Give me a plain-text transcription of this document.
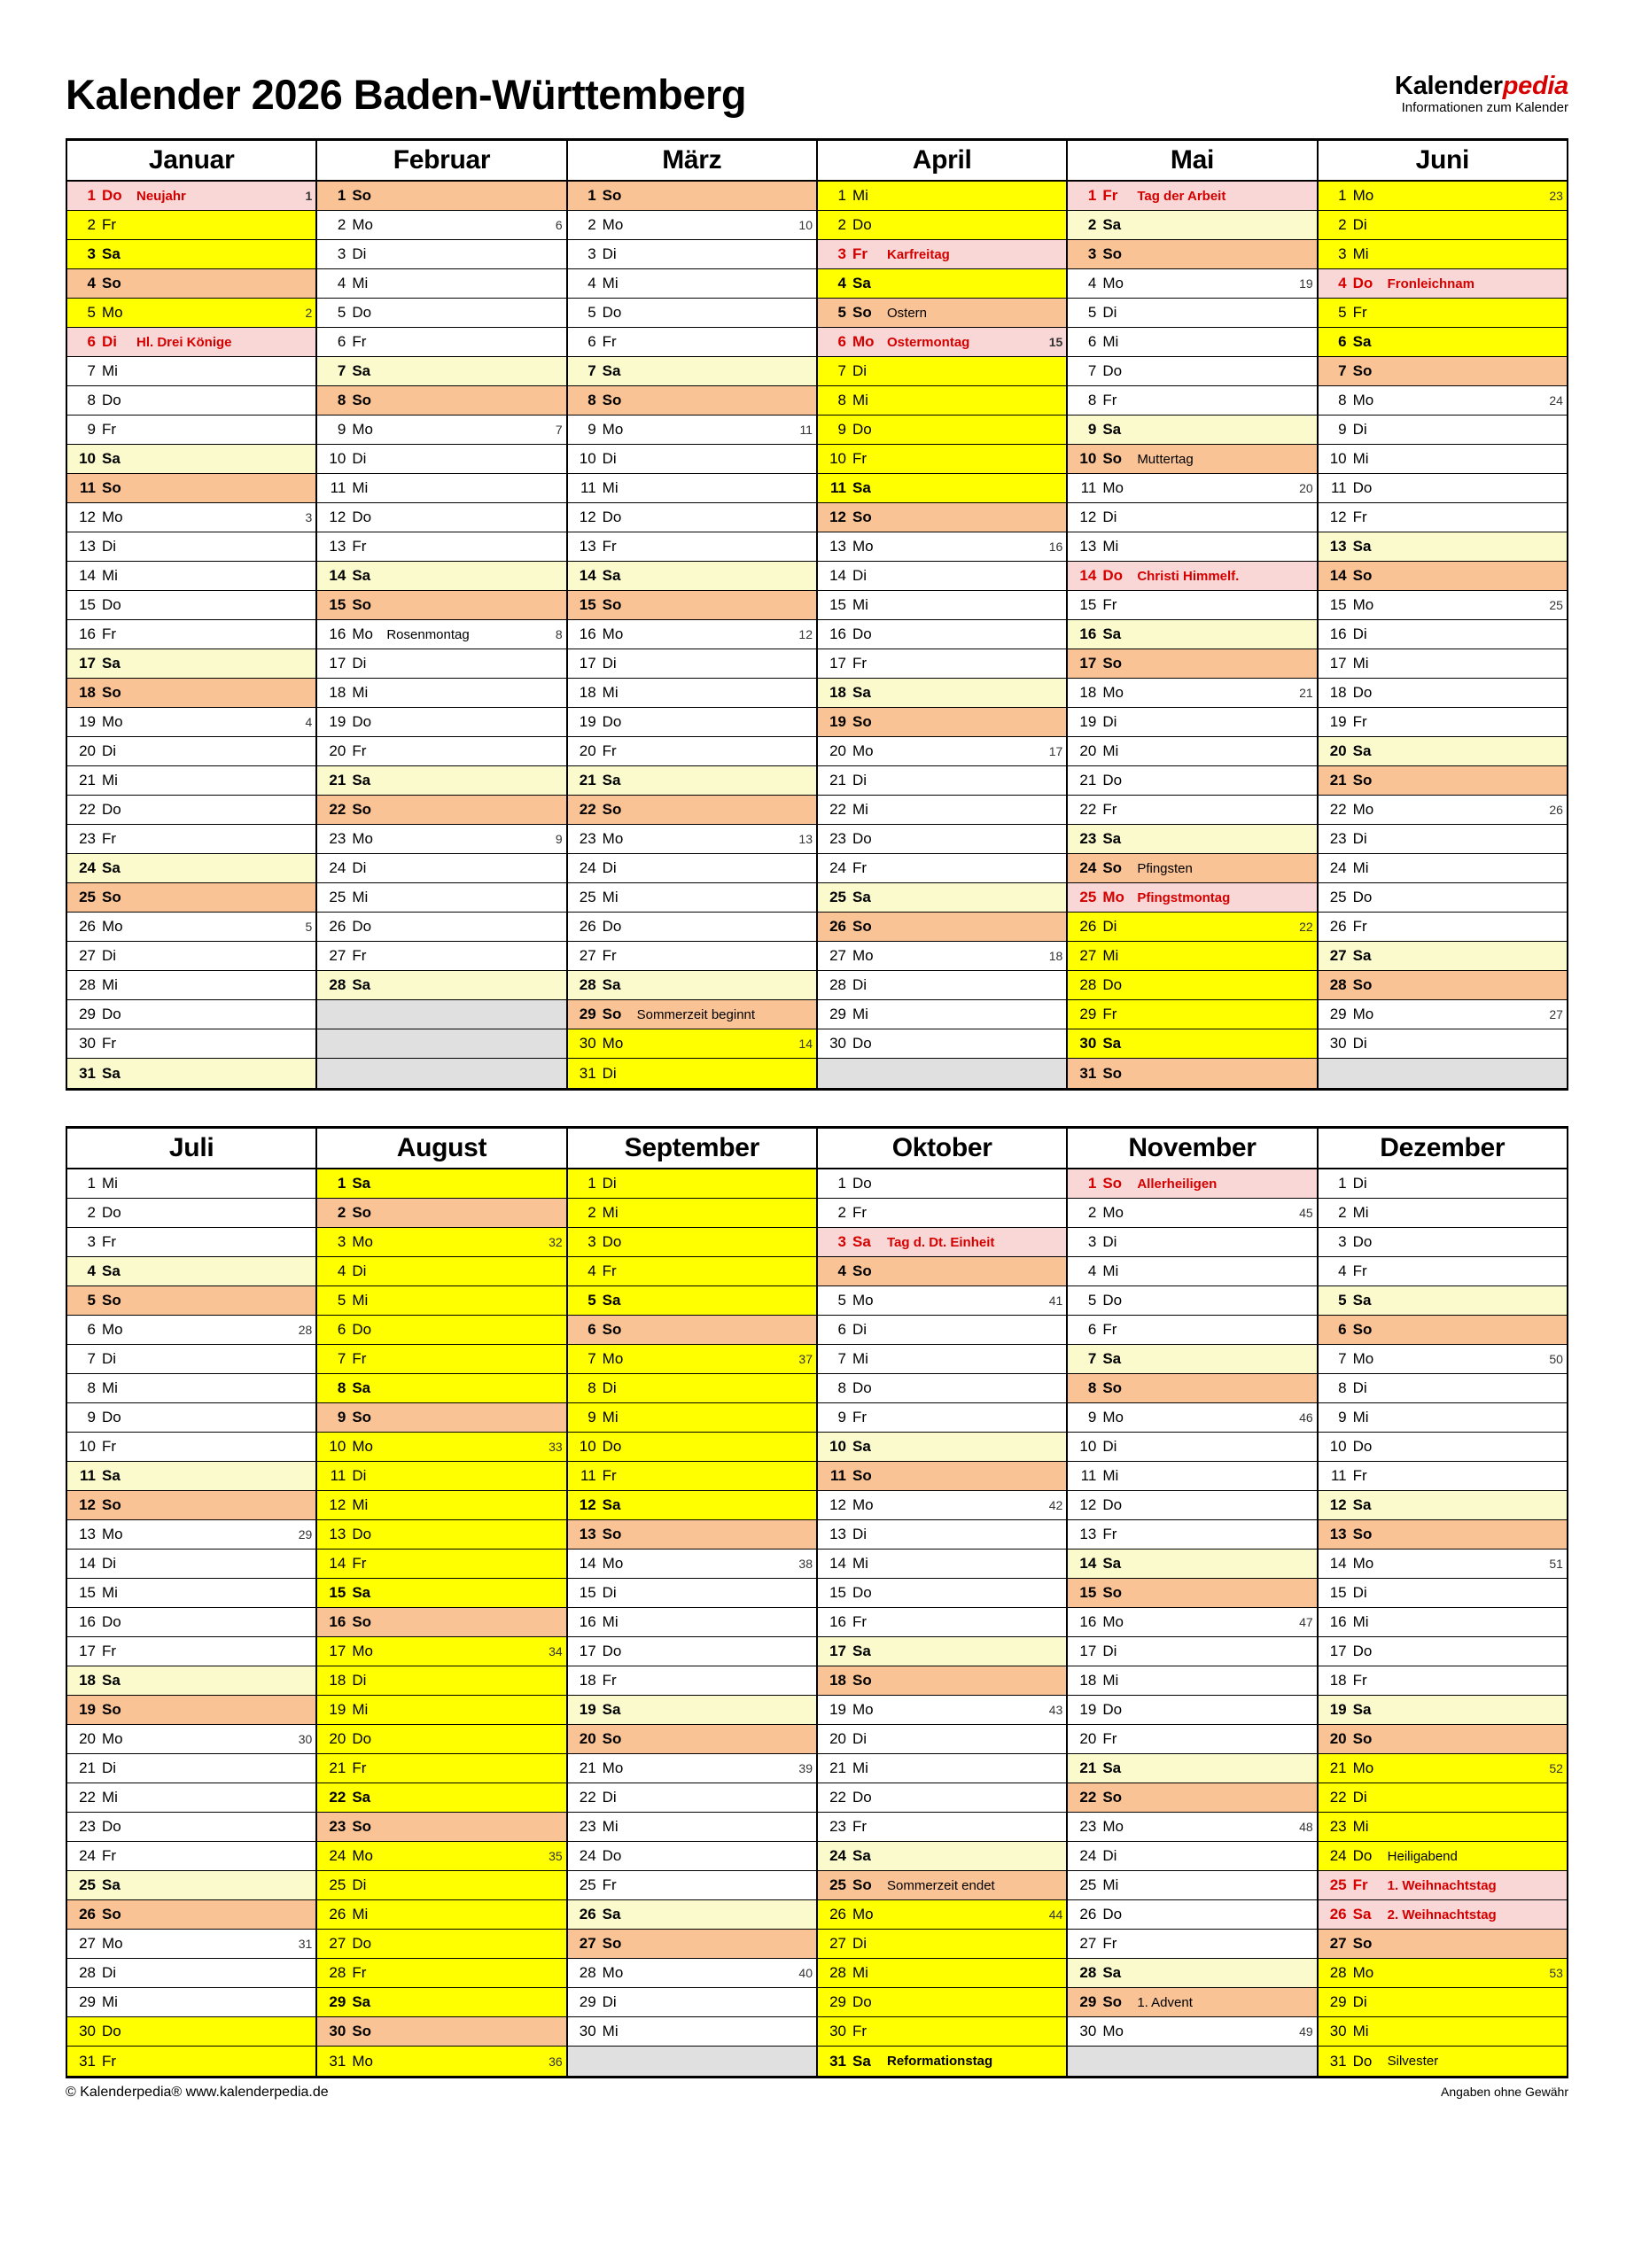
Kalender 2026 Baden-Württemberg	Kalenderpedia
Informationen zum Kalender
Januar
1 Do	Neujahr	1
2 Fr
3 Sa
4 So
5 Mo	2
6 Di	Hl. Drei Könige
7 Mi
8 Do
9 Fr
10 Sa
11 So
12 Mo	3
13 Di
14 Mi
15 Do
16 Fr
17 Sa
18 So
19 Mo	4
20 Di
21 Mi
22 Do
23 Fr
24 Sa
25 So
26 Mo	5
27 Di
28 Mi
29 Do
30 Fr
31 Sa
Februar
1 So
2 Mo	6
3 Di
4 Mi
5 Do
6 Fr
7 Sa
8 So
9 Mo	7
10 Di
11 Mi
12 Do
13 Fr
14 Sa
15 So
16 Mo	Rosenmontag	8
17 Di
18 Mi
19 Do
20 Fr
21 Sa
22 So
23 Mo	9
24 Di
25 Mi
26 Do
27 Fr
28 Sa
März
1 So
2 Mo	10
3 Di
4 Mi
5 Do
6 Fr
7 Sa
8 So
9 Mo	11
10 Di
11 Mi
12 Do
13 Fr
14 Sa
15 So
16 Mo	12
17 Di
18 Mi
19 Do
20 Fr
21 Sa
22 So
23 Mo	13
24 Di
25 Mi
26 Do
27 Fr
28 Sa
29 So	Sommerzeit beginnt
30 Mo	14
31 Di
April
1 Mi
2 Do
3 Fr	Karfreitag
4 Sa
5 So	Ostern
6 Mo Ostermontag	15
7 Di
8 Mi
9 Do
10 Fr
11 Sa
12 So
13 Mo	16
14 Di
15 Mi
16 Do
17 Fr
18 Sa
19 So
20 Mo	17
21 Di
22 Mi
23 Do
24 Fr
25 Sa
26 So
27 Mo	18
28 Di
29 Mi
30 Do
Mai
1 Fr	Tag der Arbeit
2 Sa
3 So
4 Mo	19
5 Di
6 Mi
7 Do
8 Fr
9 Sa
10 So	Muttertag
11 Mo	20
12 Di
13 Mi
14 Do	Christi Himmelf.
15 Fr
16 Sa
17 So
18 Mo	21
19 Di
20 Mi
21 Do
22 Fr
23 Sa
24 So	Pfingsten
25 Mo Pfingstmontag
26 Di	22
27 Mi
28 Do
29 Fr
30 Sa
31 So
Juni
1 Mo	23
2 Di
3 Mi
4 Do	Fronleichnam
5 Fr
6 Sa
7 So
8 Mo	24
9 Di
10 Mi
11 Do
12 Fr
13 Sa
14 So
15 Mo	25
16 Di
17 Mi
18 Do
19 Fr
20 Sa
21 So
22 Mo	26
23 Di
24 Mi
25 Do
26 Fr
27 Sa
28 So
29 Mo	27
30 Di
Juli
1 Mi
2 Do
3 Fr
4 Sa
5 So
6 Mo	28
7 Di
8 Mi
9 Do
10 Fr
11 Sa
12 So
13 Mo	29
14 Di
15 Mi
16 Do
17 Fr
18 Sa
19 So
20 Mo	30
21 Di
22 Mi
23 Do
24 Fr
25 Sa
26 So
27 Mo	31
28 Di
29 Mi
30 Do
31 Fr
August
1 Sa
2 So
3 Mo	32
4 Di
5 Mi
6 Do
7 Fr
8 Sa
9 So
10 Mo	33
11 Di
12 Mi
13 Do
14 Fr
15 Sa
16 So
17 Mo	34
18 Di
19 Mi
20 Do
21 Fr
22 Sa
23 So
24 Mo	35
25 Di
26 Mi
27 Do
28 Fr
29 Sa
30 So
31 Mo	36
September
1 Di
2 Mi
3 Do
4 Fr
5 Sa
6 So
7 Mo	37
8 Di
9 Mi
10 Do
11 Fr
12 Sa
13 So
14 Mo	38
15 Di
16 Mi
17 Do
18 Fr
19 Sa
20 So
21 Mo	39
22 Di
23 Mi
24 Do
25 Fr
26 Sa
27 So
28 Mo	40
29 Di
30 Mi
Oktober
1 Do
2 Fr
3 Sa	Tag d. Dt. Einheit
4 So
5 Mo	41
6 Di
7 Mi
8 Do
9 Fr
10 Sa
11 So
12 Mo	42
13 Di
14 Mi
15 Do
16 Fr
17 Sa
18 So
19 Mo	43
20 Di
21 Mi
22 Do
23 Fr
24 Sa
25 So	Sommerzeit endet
26 Mo	44
27 Di
28 Mi
29 Do
30 Fr
31 Sa	Reformationstag
November
1 So	Allerheiligen
2 Mo	45
3 Di
4 Mi
5 Do
6 Fr
7 Sa
8 So
9 Mo	46
10 Di
11 Mi
12 Do
13 Fr
14 Sa
15 So
16 Mo	47
17 Di
18 Mi
19 Do
20 Fr
21 Sa
22 So
23 Mo	48
24 Di
25 Mi
26 Do
27 Fr
28 Sa
29 So	1. Advent
30 Mo	49
Dezember
1 Di
2 Mi
3 Do
4 Fr
5 Sa
6 So
7 Mo	50
8 Di
9 Mi
10 Do
11 Fr
12 Sa
13 So
14 Mo	51
15 Di
16 Mi
17 Do
18 Fr
19 Sa
20 So
21 Mo	52
22 Di
23 Mi
24 Do	Heiligabend
25 Fr	1. Weihnachtstag
26 Sa	2. Weihnachtstag
27 So
28 Mo	53
29 Di
30 Mi
31 Do	Silvester
© Kalenderpedia® www.kalenderpedia.de	Angaben ohne Gewähr
